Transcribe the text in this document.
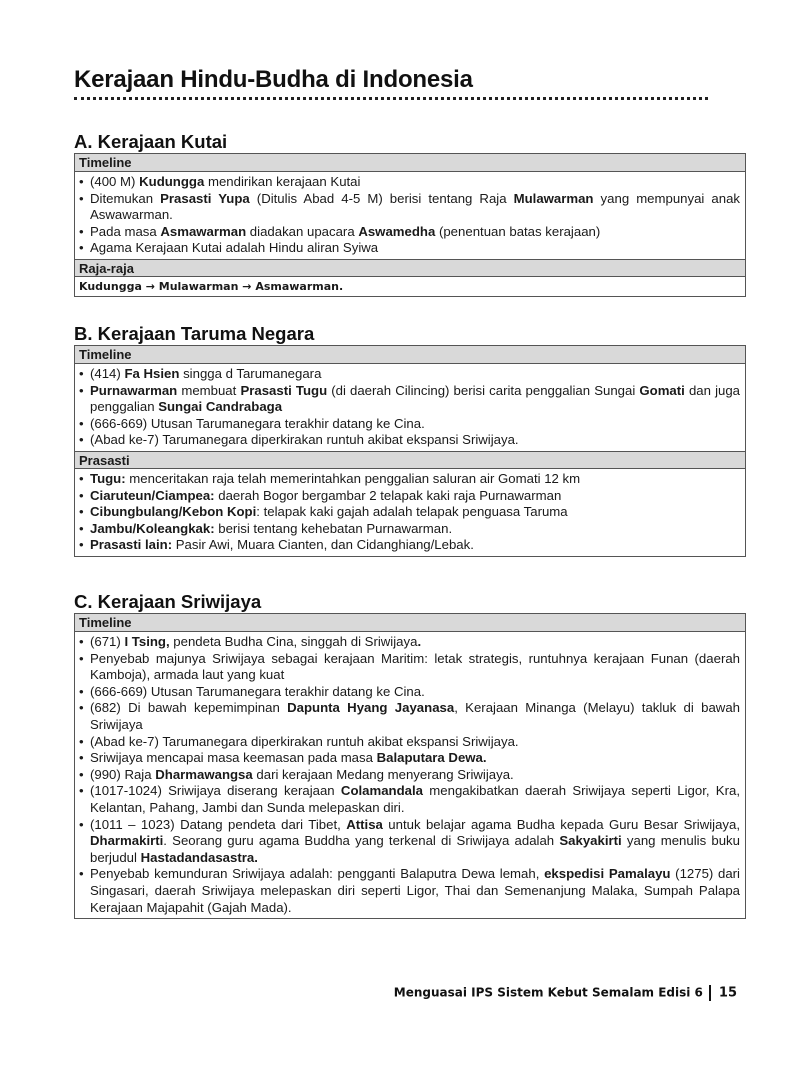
Kerajaan Hindu-Budha di Indonesia
A. Kerajaan Kutai
Timeline
• (400 M) Kudungga mendirikan kerajaan Kutai
• Ditemukan Prasasti Yupa (Ditulis Abad 4-5 M) berisi tentang Raja Mulawarman yang mempunyai anak Aswawarman.
• Pada masa Asmawarman diadakan upacara Aswamedha (penentuan batas kerajaan)
• Agama Kerajaan Kutai adalah Hindu aliran Syiwa
Raja-raja
Kudungga → Mulawarman → Asmawarman.
B. Kerajaan Taruma Negara
Timeline
• (414) Fa Hsien singga d Tarumanegara
• Purnawarman membuat Prasasti Tugu (di daerah Cilincing) berisi carita penggalian Sungai Gomati dan juga penggalian Sungai Candrabaga
• (666-669) Utusan Tarumanegara terakhir datang ke Cina.
• (Abad ke-7) Tarumanegara diperkirakan runtuh akibat ekspansi Sriwijaya.
Prasasti
• Tugu: menceritakan raja telah memerintahkan penggalian saluran air Gomati 12 km
• Ciaruteun/Ciampea: daerah Bogor bergambar 2 telapak kaki raja Purnawarman
• Cibungbulang/Kebon Kopi: telapak kaki gajah adalah telapak penguasa Taruma
• Jambu/Koleangkak: berisi tentang kehebatan Purnawarman.
• Prasasti lain: Pasir Awi, Muara Cianten, dan Cidanghiang/Lebak.
C. Kerajaan Sriwijaya
Timeline
• (671) I Tsing, pendeta Budha Cina, singgah di Sriwijaya.
• Penyebab majunya Sriwijaya sebagai kerajaan Maritim: letak strategis, runtuhnya kerajaan Funan (daerah Kamboja), armada laut yang kuat
• (666-669) Utusan Tarumanegara terakhir datang ke Cina.
• (682) Di bawah kepemimpinan Dapunta Hyang Jayanasa, Kerajaan Minanga (Melayu) takluk di bawah Sriwijaya
• (Abad ke-7) Tarumanegara diperkirakan runtuh akibat ekspansi Sriwijaya.
• Sriwijaya mencapai masa keemasan pada masa Balaputara Dewa.
• (990) Raja Dharmawangsa dari kerajaan Medang menyerang Sriwijaya.
• (1017-1024) Sriwijaya diserang kerajaan Colamandala mengakibatkan daerah Sriwijaya seperti Ligor, Kra, Kelantan, Pahang, Jambi dan Sunda melepaskan diri.
• (1011 – 1023) Datang pendeta dari Tibet, Attisa untuk belajar agama Budha kepada Guru Besar Sriwijaya, Dharmakirti. Seorang guru agama Buddha yang terkenal di Sriwijaya adalah Sakyakirti yang menulis buku berjudul Hastadandasastra.
• Penyebab kemunduran Sriwijaya adalah: pengganti Balaputra Dewa lemah, ekspedisi Pamalayu (1275) dari Singasari, daerah Sriwijaya melepaskan diri seperti Ligor, Thai dan Semenanjung Malaka, Sumpah Palapa Kerajaan Majapahit (Gajah Mada).
Menguasai IPS Sistem Kebut Semalam Edisi 6 15
